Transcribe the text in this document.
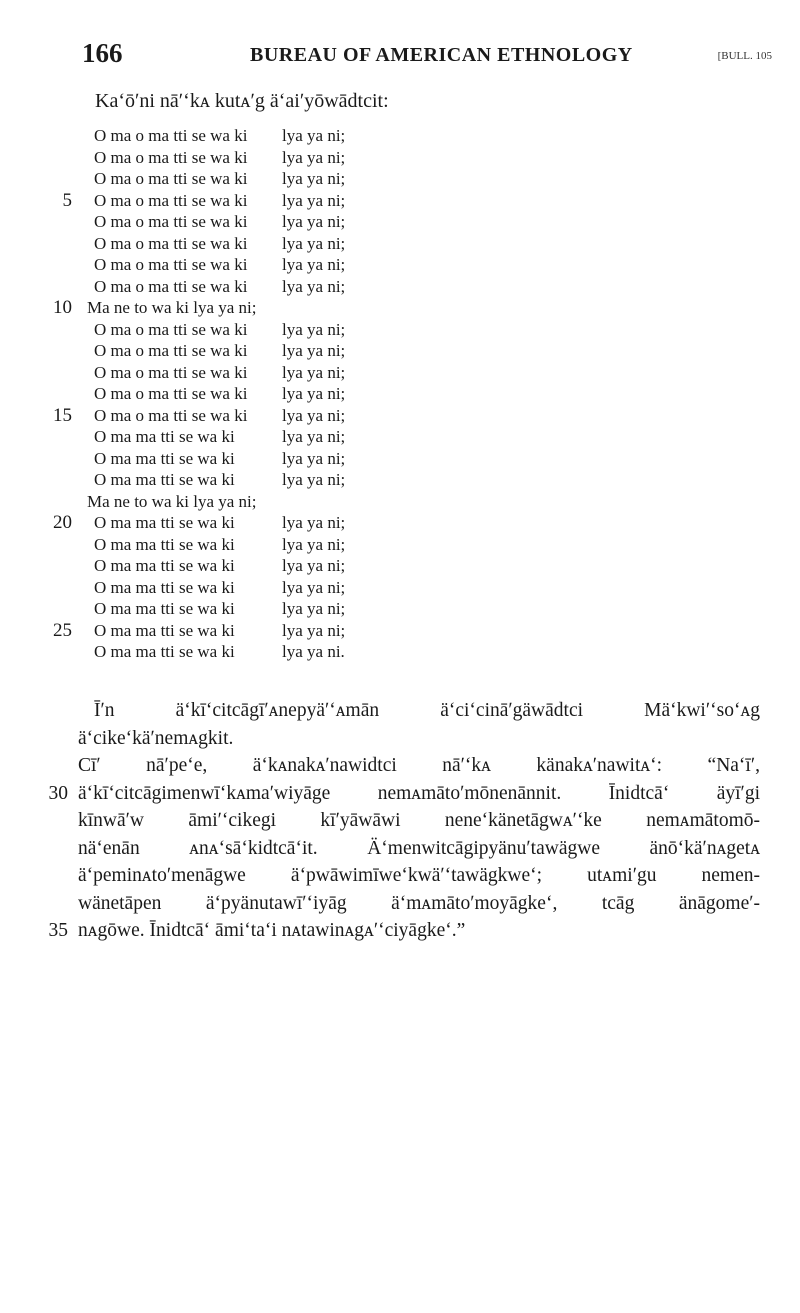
166	BUREAU OF AMERICAN ETHNOLOGY	[BULL. 105
Kaʻōʹni nāʹʻkᴀ kutᴀʹg äʻaiʹyōwādtcit:
O ma o ma tti se wa ki lya ya ni;
O ma o ma tti se wa ki lya ya ni;
O ma o ma tti se wa ki lya ya ni;
5 O ma o ma tti se wa ki lya ya ni;
O ma o ma tti se wa ki lya ya ni;
O ma o ma tti se wa ki lya ya ni;
O ma o ma tti se wa ki lya ya ni;
O ma o ma tti se wa ki lya ya ni;
10 Ma ne to wa ki lya ya ni;
O ma o ma tti se wa ki lya ya ni;
O ma o ma tti se wa ki lya ya ni;
O ma o ma tti se wa ki lya ya ni;
O ma o ma tti se wa ki lya ya ni;
15 O ma o ma tti se wa ki lya ya ni;
O ma ma tti se wa ki	lya ya ni;
O ma ma tti se wa ki	lya ya ni;
O ma ma tti se wa ki	lya ya ni;
Ma ne to wa ki lya ya ni;
20 O ma ma tti se wa ki	lya ya ni;
O ma ma tti se wa ki	lya ya ni;
O ma ma tti se wa ki	lya ya ni;
O ma ma tti se wa ki	lya ya ni;
O ma ma tti se wa ki	lya ya ni;
25 O ma ma tti se wa ki	lya ya ni;
O ma ma tti se wa ki	lya ya ni.
Īʹn äʻkīʻcitcāgīʹᴀnepyäʹʻᴀmān äʻciʻcināʹgäwādtci Mäʻkwiʹʻsoʻᴀg
äʻcikeʻkäʹnemᴀgkit.
Cīʹ nāʹpeʻe, äʻkᴀnakᴀʹnawidtci nāʹʻkᴀ känakᴀʹnawitᴀʻ: “Naʻīʹ,
30 äʻkīʻcitcāgimenwīʻkᴀmaʹwiyāge nemᴀmātoʹmōnenānnit. Īnidtcāʻ äyīʹgi
kīnwāʹw āmiʹʻcikegi kīʹyāwāwi neneʻkänetāgwᴀʹʻke nemᴀmātomō-
näʻenān ᴀnᴀʻsāʻkidtcāʻit. Äʻmenwitcāgipyänuʹtawägwe änōʻkäʹnᴀgetᴀ
äʻpeminᴀtoʹmenāgwe äʻpwāwimīweʻkwäʹʻtawägkweʻ; utᴀmiʹgu nemen-
wänetāpen äʻpyänutawīʹʻiyāg äʻmᴀmātoʹmoyāgkeʻ, tcāg änāgomeʹ-
35 nᴀgōwe. Īnidtcāʻ āmiʻtaʻi nᴀtawinᴀgᴀʹʻciyāgkeʻ.”
